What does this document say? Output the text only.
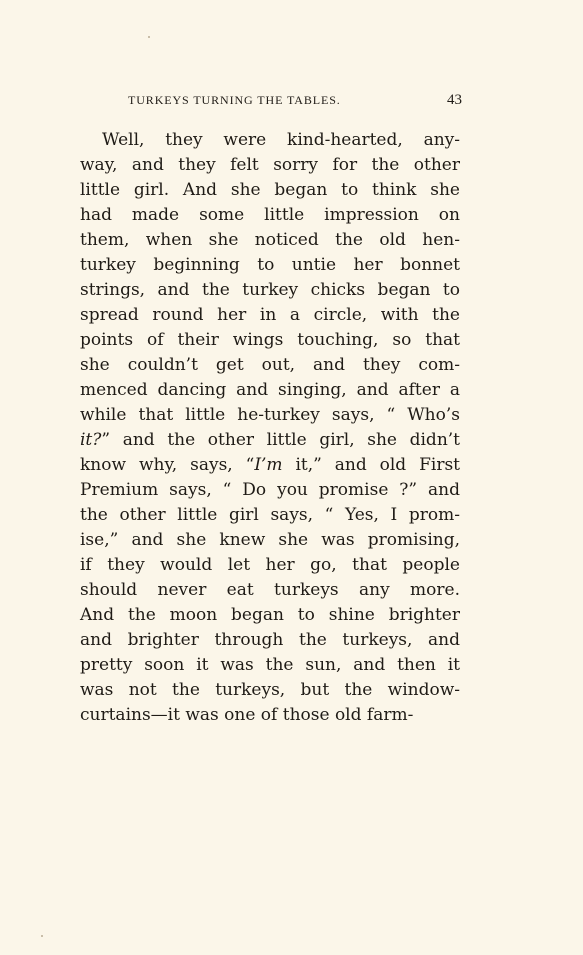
TURKEYS TURNING THE TABLES.	43
Well, they were kind-hearted, any-
way, and they felt sorry for the other
little girl. And she began to think she
had made some little impression on
them, when she noticed the old hen-
turkey beginning to untie her bonnet
strings, and the turkey chicks began to
spread round her in a circle, with the
points of their wings touching, so that
she couldn’t get out, and they com-
menced dancing and singing, and after a
while that little he-turkey says, “ Who’s
it?” and the other little girl, she didn’t
know why, says, “I’m it,” and old First
Premium says, “ Do you promise ?” and
the other little girl says, “ Yes, I prom-
ise,” and she knew she was promising,
if they would let her go, that people
should never eat turkeys any more.
And the moon began to shine brighter
and brighter through the turkeys, and
pretty soon it was the sun, and then it
was not the turkeys, but the window-
curtains—it was one of those old farm-
